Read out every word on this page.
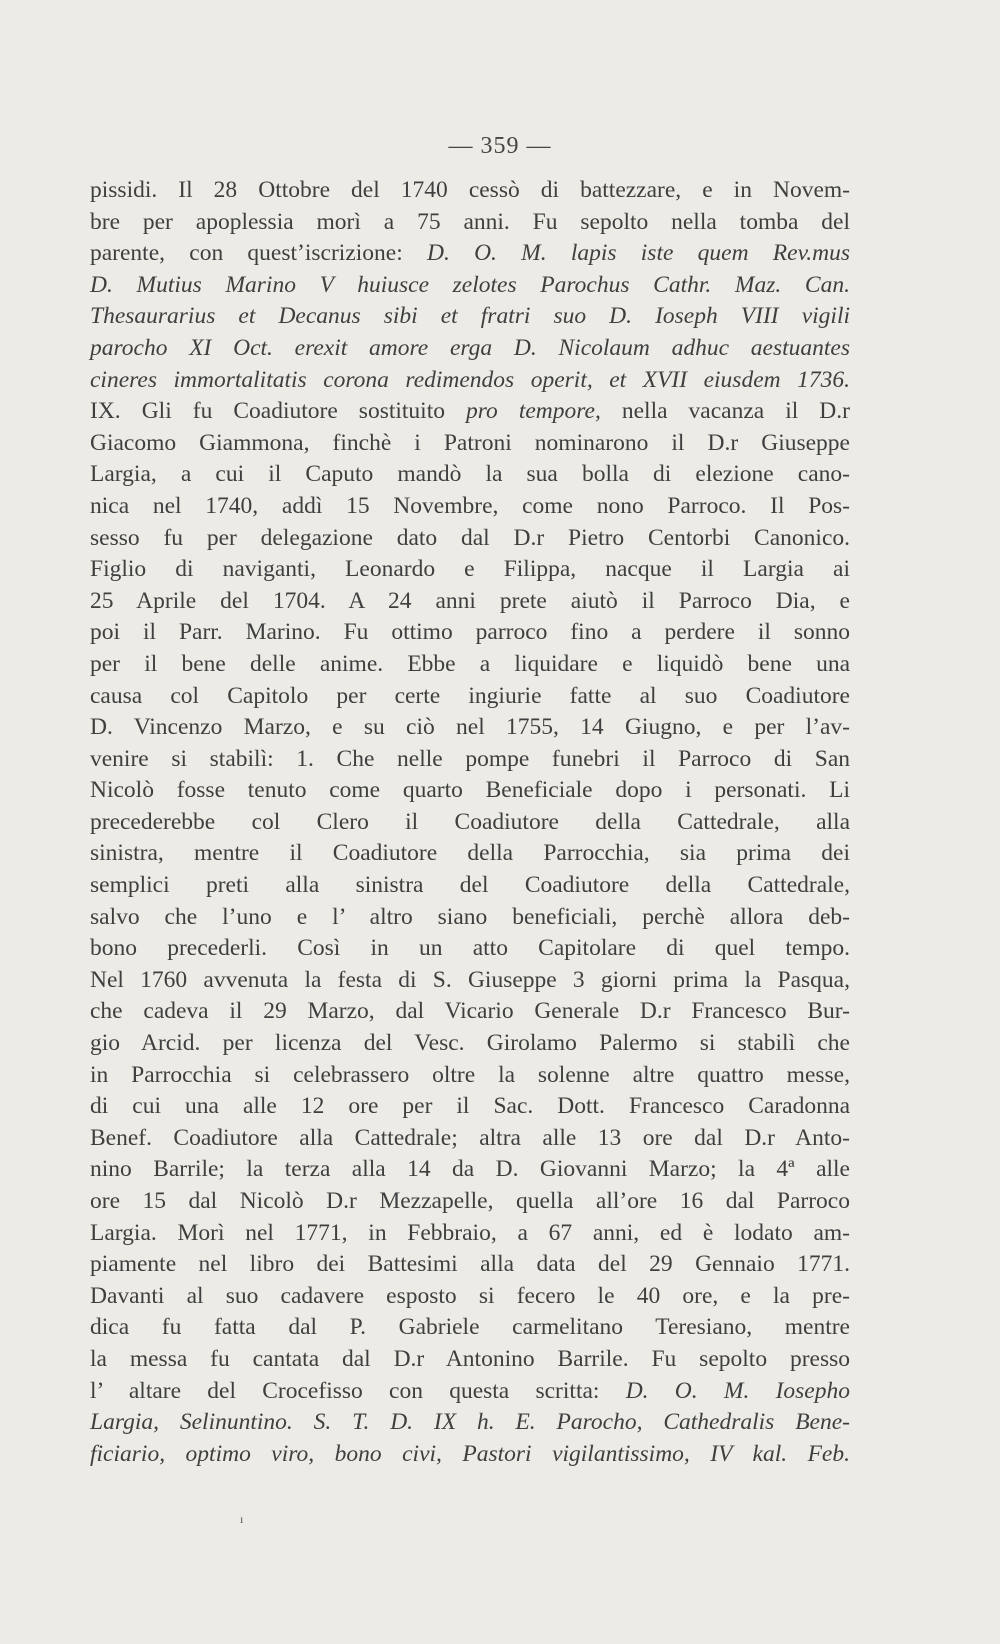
— 359 —
pissidi. Il 28 Ottobre del 1740 cessò di battezzare, e in Novem-
bre per apoplessia morì a 75 anni. Fu sepolto nella tomba del
parente, con quest’iscrizione: D. O. M. lapis iste quem Rev.mus
D. Mutius Marino V huiusce zelotes Parochus Cathr. Maz. Can.
Thesaurarius et Decanus sibi et fratri suo D. Ioseph VIII vigili
parocho XI Oct. erexit amore erga D. Nicolaum adhuc aestuantes
cineres immortalitatis corona redimendos operit, et XVII eiusdem 1736.
IX. Gli fu Coadiutore sostituito pro tempore, nella vacanza il D.r
Giacomo Giammona, finchè i Patroni nominarono il D.r Giuseppe
Largia, a cui il Caputo mandò la sua bolla di elezione cano-
nica nel 1740, addì 15 Novembre, come nono Parroco. Il Pos-
sesso fu per delegazione dato dal D.r Pietro Centorbi Canonico.
Figlio di naviganti, Leonardo e Filippa, nacque il Largia ai
25 Aprile del 1704. A 24 anni prete aiutò il Parroco Dia, e
poi il Parr. Marino. Fu ottimo parroco fino a perdere il sonno
per il bene delle anime. Ebbe a liquidare e liquidò bene una
causa col Capitolo per certe ingiurie fatte al suo Coadiutore
D. Vincenzo Marzo, e su ciò nel 1755, 14 Giugno, e per l’av-
venire si stabilì: 1. Che nelle pompe funebri il Parroco di San
Nicolò fosse tenuto come quarto Beneficiale dopo i personati. Li
precederebbe col Clero il Coadiutore della Cattedrale, alla
sinistra, mentre il Coadiutore della Parrocchia, sia prima dei
semplici preti alla sinistra del Coadiutore della Cattedrale,
salvo che l’uno e l’ altro siano beneficiali, perchè allora deb-
bono precederli. Così in un atto Capitolare di quel tempo.
Nel 1760 avvenuta la festa di S. Giuseppe 3 giorni prima la Pasqua,
che cadeva il 29 Marzo, dal Vicario Generale D.r Francesco Bur-
gio Arcid. per licenza del Vesc. Girolamo Palermo si stabilì che
in Parrocchia si celebrassero oltre la solenne altre quattro messe,
di cui una alle 12 ore per il Sac. Dott. Francesco Caradonna
Benef. Coadiutore alla Cattedrale; altra alle 13 ore dal D.r Anto-
nino Barrile; la terza alla 14 da D. Giovanni Marzo; la 4ª alle
ore 15 dal Nicolò D.r Mezzapelle, quella all’ore 16 dal Parroco
Largia. Morì nel 1771, in Febbraio, a 67 anni, ed è lodato am-
piamente nel libro dei Battesimi alla data del 29 Gennaio 1771.
Davanti al suo cadavere esposto si fecero le 40 ore, e la pre-
dica fu fatta dal P. Gabriele carmelitano Teresiano, mentre
la messa fu cantata dal D.r Antonino Barrile. Fu sepolto presso
l’ altare del Crocefisso con questa scritta: D. O. M. Iosepho
Largia, Selinuntino. S. T. D. IX h. E. Parocho, Cathedralis Bene-
ficiario, optimo viro, bono civi, Pastori vigilantissimo, IV kal. Feb.
ı
